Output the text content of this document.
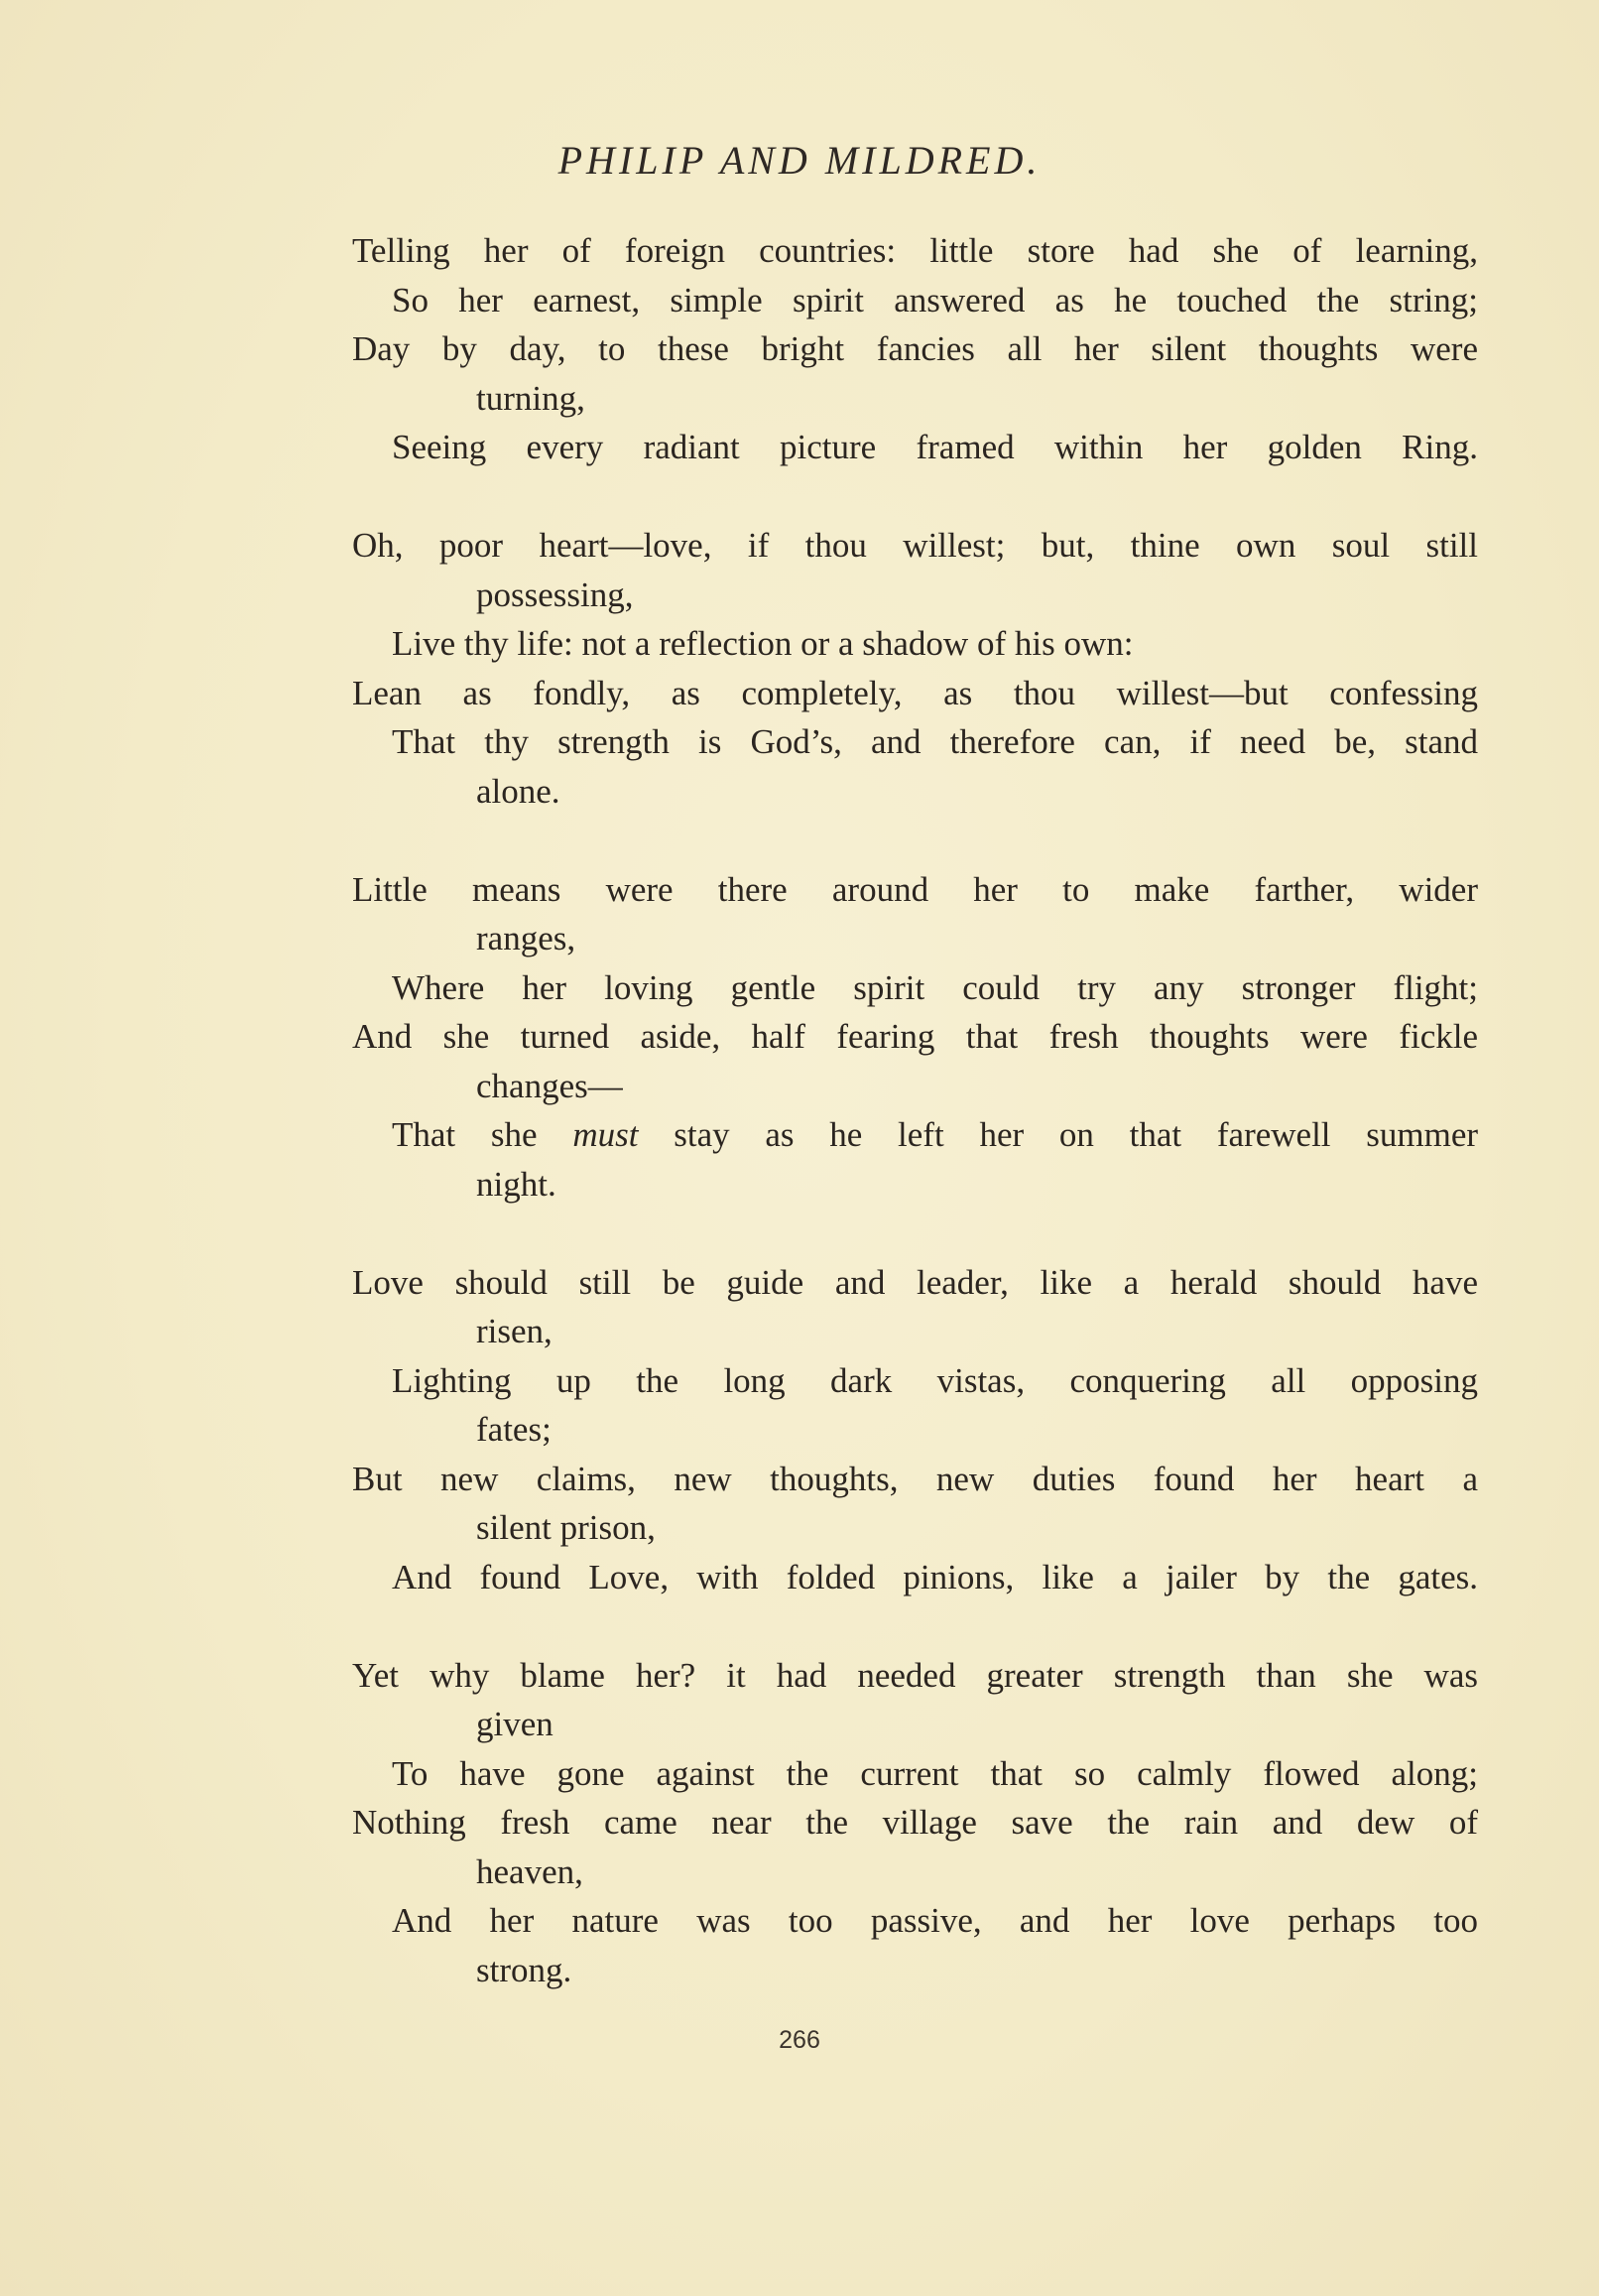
PHILIP AND MILDRED.
Telling her of foreign countries: little store had she of learning,
So her earnest, simple spirit answered as he touched the string;
Day by day, to these bright fancies all her silent thoughts were
turning,
Seeing every radiant picture framed within her golden Ring.
Oh, poor heart—love, if thou willest; but, thine own soul still
possessing,
Live thy life: not a reflection or a shadow of his own:
Lean as fondly, as completely, as thou willest—but confessing
That thy strength is God’s, and therefore can, if need be, stand
alone.
Little means were there around her to make farther, wider
ranges,
Where her loving gentle spirit could try any stronger flight;
And she turned aside, half fearing that fresh thoughts were fickle
changes—
That she must stay as he left her on that farewell summer
night.
Love should still be guide and leader, like a herald should have
risen,
Lighting up the long dark vistas, conquering all opposing
fates;
But new claims, new thoughts, new duties found her heart a
silent prison,
And found Love, with folded pinions, like a jailer by the gates.
Yet why blame her? it had needed greater strength than she was
given
To have gone against the current that so calmly flowed along;
Nothing fresh came near the village save the rain and dew of
heaven,
And her nature was too passive, and her love perhaps too
strong.
266
